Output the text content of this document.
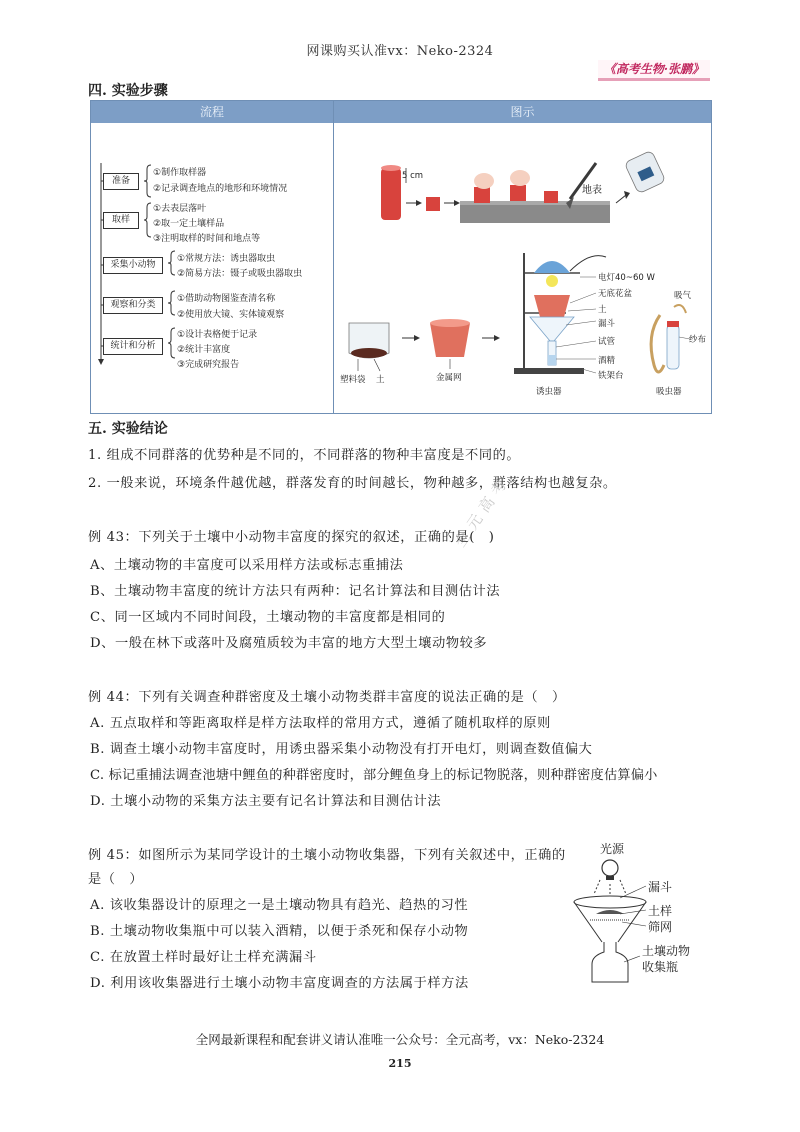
网课购买认准vx：Neko-2324
《高考生物·张鹏》
四. 实验步骤
流程	图示
准备
取样
采集小动物
观察和分类
统计和分析
①制作取样器
②记录调查地点的地形和环境情况
①去表层落叶
②取一定土壤样品
③注明取样的时间和地点等
①常规方法：诱虫器取虫
②简易方法：镊子或吸虫器取虫
①借助动物图鉴查清名称
②使用放大镜、实体镜观察
①设计表格便于记录
②统计丰富度
③完成研究报告
5 cm
地表
电灯40~60 W
无底花盆
土
漏斗
试管
酒精
铁架台
诱虫器
塑料袋 土	金属网
吸气
纱布
吸虫器
五. 实验结论
1. 组成不同群落的优势种是不同的，不同群落的物种丰富度是不同的。
2. 一般来说，环境条件越优越，群落发育的时间越长，物种越多，群落结构也越复杂。
全元高考
例 43：下列关于土壤中小动物丰富度的探究的叙述，正确的是(　)
A、土壤动物的丰富度可以采用样方法或标志重捕法
B、土壤动物丰富度的统计方法只有两种：记名计算法和目测估计法
C、同一区域内不同时间段，土壤动物的丰富度都是相同的
D、一般在林下或落叶及腐殖质较为丰富的地方大型土壤动物较多
例 44：下列有关调查种群密度及土壤小动物类群丰富度的说法正确的是（　）
A. 五点取样和等距离取样是样方法取样的常用方式，遵循了随机取样的原则
B. 调查土壤小动物丰富度时，用诱虫器采集小动物没有打开电灯，则调查数值偏大
C. 标记重捕法调查池塘中鲤鱼的种群密度时，部分鲤鱼身上的标记物脱落，则种群密度估算偏小
D. 土壤小动物的采集方法主要有记名计算法和目测估计法
例 45：如图所示为某同学设计的土壤小动物收集器，下列有关叙述中，正确的
是（　）
A. 该收集器设计的原理之一是土壤动物具有趋光、趋热的习性
B. 土壤动物收集瓶中可以装入酒精，以便于杀死和保存小动物
C. 在放置土样时最好让土样充满漏斗
D. 利用该收集器进行土壤小动物丰富度调查的方法属于样方法
光源
漏斗
土样
筛网
土壤动物
收集瓶
全网最新课程和配套讲义请认准唯一公众号：全元高考，vx：Neko-2324
215
